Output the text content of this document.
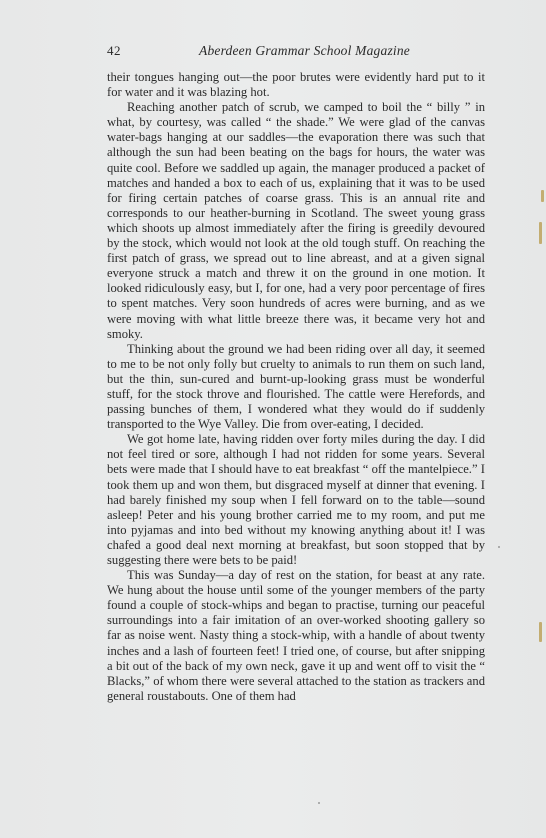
42	Aberdeen Grammar School Magazine

their tongues hanging out—the poor brutes were evidently hard put to it for water and it was blazing hot.

Reaching another patch of scrub, we camped to boil the “ billy ” in what, by courtesy, was called “ the shade.” We were glad of the canvas water-bags hanging at our saddles—the evaporation there was such that although the sun had been beating on the bags for hours, the water was quite cool. Before we saddled up again, the manager produced a packet of matches and handed a box to each of us, explaining that it was to be used for firing certain patches of coarse grass. This is an annual rite and corresponds to our heather-burning in Scotland. The sweet young grass which shoots up almost immediately after the firing is greedily devoured by the stock, which would not look at the old tough stuff. On reaching the first patch of grass, we spread out to line abreast, and at a given signal everyone struck a match and threw it on the ground in one motion. It looked ridiculously easy, but I, for one, had a very poor percentage of fires to spent matches. Very soon hundreds of acres were burning, and as we were moving with what little breeze there was, it became very hot and smoky.

Thinking about the ground we had been riding over all day, it seemed to me to be not only folly but cruelty to animals to run them on such land, but the thin, sun-cured and burnt-up-looking grass must be wonderful stuff, for the stock throve and flourished. The cattle were Herefords, and passing bunches of them, I wondered what they would do if suddenly transported to the Wye Valley. Die from over-eating, I decided.

We got home late, having ridden over forty miles during the day. I did not feel tired or sore, although I had not ridden for some years. Several bets were made that I should have to eat breakfast “ off the mantelpiece.” I took them up and won them, but disgraced myself at dinner that evening. I had barely finished my soup when I fell forward on to the table—sound asleep! Peter and his young brother carried me to my room, and put me into pyjamas and into bed without my knowing anything about it! I was chafed a good deal next morning at breakfast, but soon stopped that by suggesting there were bets to be paid!

This was Sunday—a day of rest on the station, for beast at any rate. We hung about the house until some of the younger members of the party found a couple of stock-whips and began to practise, turning our peaceful surroundings into a fair imitation of an over-worked shooting gallery so far as noise went. Nasty thing a stock-whip, with a handle of about twenty inches and a lash of fourteen feet! I tried one, of course, but after snipping a bit out of the back of my own neck, gave it up and went off to visit the “ Blacks,” of whom there were several attached to the station as trackers and general roustabouts. One of them had
